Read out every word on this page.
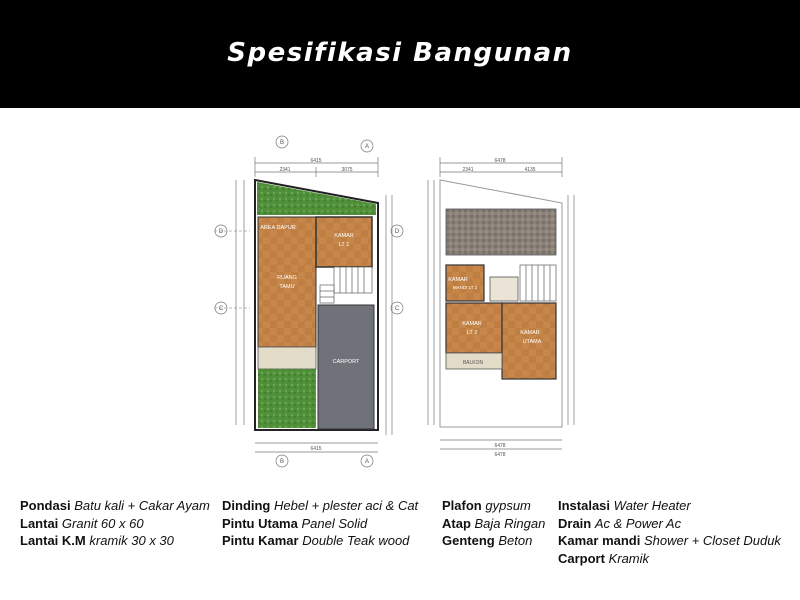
Spesifikasi Bangunan
6415
2341	3075
B
A
D
C
D
C
AREA DAPUR
KAMAR
LT 1
RUANG
TAMU
CARPORT
6415
B	A
6478
2341	4135
KAMAR
MANDI LT 2
KAMAR
LT 2	KAMAR
UTAMA
BALKON
6478
6478
Pondasi Batu kali + Cakar Ayam
Lantai Granit 60 x 60
Lantai K.M kramik 30 x 30
Dinding Hebel + plester aci & Cat
Pintu Utama Panel Solid
Pintu Kamar Double Teak wood
Plafon gypsum
Atap Baja Ringan
Genteng Beton
Instalasi Water Heater
Drain Ac & Power Ac
Kamar mandi Shower + Closet Duduk
Carport Kramik
